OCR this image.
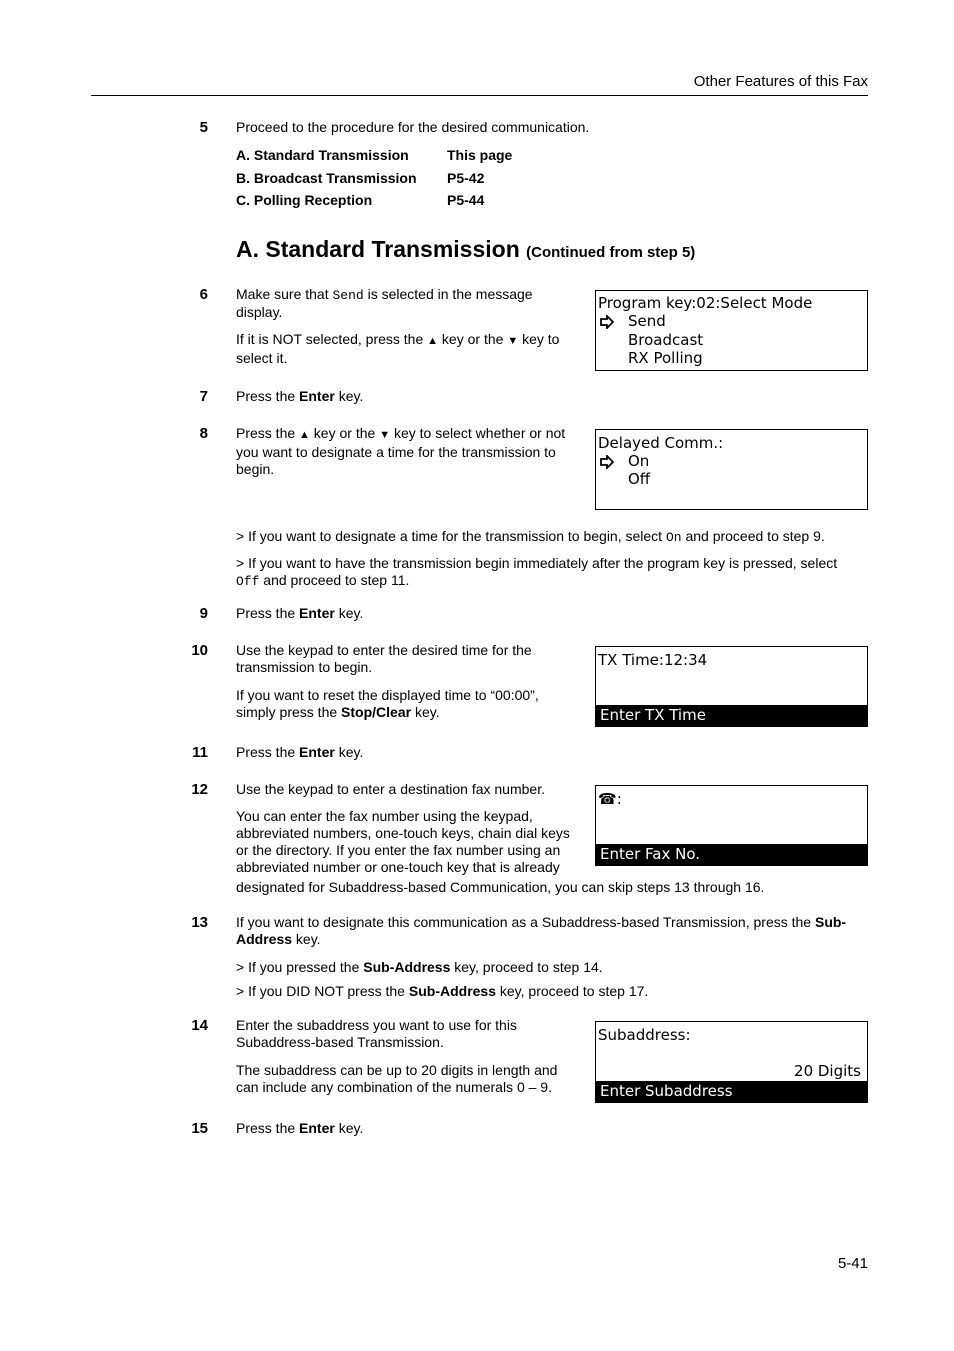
Other Features of this Fax
5 Proceed to the procedure for the desired communication.
A. Standard Transmission	This page
B. Broadcast Transmission	P5-42
C. Polling Reception	P5-44
A. Standard Transmission (Continued from step 5)
6 Make sure that Send is selected in the message display.
If it is NOT selected, press the ▲ key or the ▼ key to select it.
Program key:02:Select Mode
Send
Broadcast
RX Polling
7 Press the Enter key.
8 Press the ▲ key or the ▼ key to select whether or not you want to designate a time for the transmission to begin.
Delayed Comm.:
On
Off
> If you want to designate a time for the transmission to begin, select On and proceed to step 9.
> If you want to have the transmission begin immediately after the program key is pressed, select Off and proceed to step 11.
9 Press the Enter key.
10 Use the keypad to enter the desired time for the transmission to begin.
If you want to reset the displayed time to “00:00”, simply press the Stop/Clear key.
TX Time:12:34
Enter TX Time
11 Press the Enter key.
12 Use the keypad to enter a destination fax number.
You can enter the fax number using the keypad, abbreviated numbers, one-touch keys, chain dial keys or the directory. If you enter the fax number using an abbreviated number or one-touch key that is already
designated for Subaddress-based Communication, you can skip steps 13 through 16.
☎:
Enter Fax No.
13 If you want to designate this communication as a Subaddress-based Transmission, press the Sub-Address key.
> If you pressed the Sub-Address key, proceed to step 14.
> If you DID NOT press the Sub-Address key, proceed to step 17.
14 Enter the subaddress you want to use for this Subaddress-based Transmission.
The subaddress can be up to 20 digits in length and can include any combination of the numerals 0 – 9.
Subaddress:
20 Digits
Enter Subaddress
15 Press the Enter key.
5-41
